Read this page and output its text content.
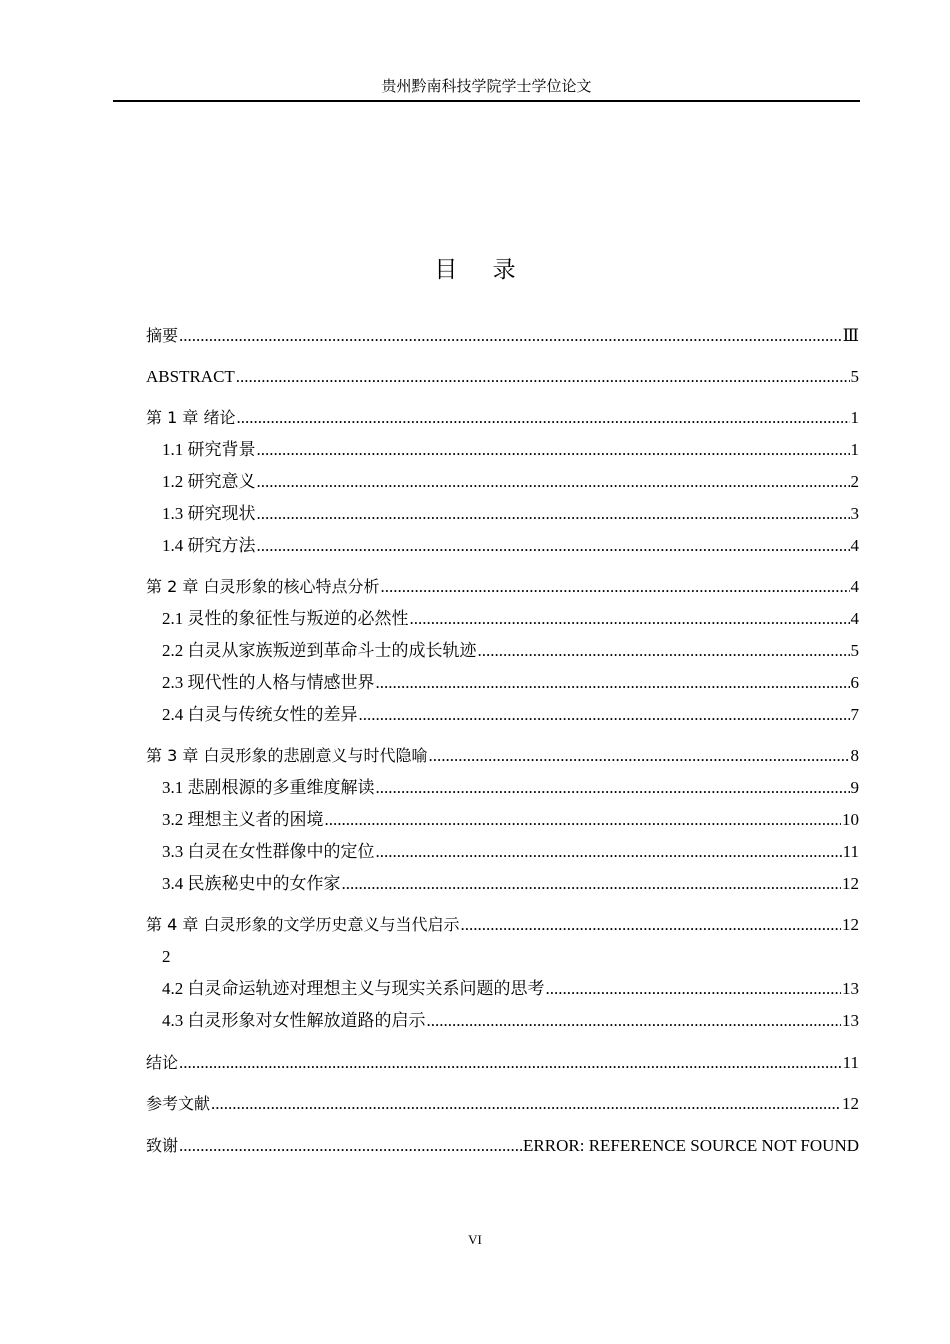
贵州黔南科技学院学士学位论文
目 录
摘要 .....	Ⅲ
ABSTRACT .....	5
第 1 章 绪论 .....	1
1.1 研究背景 .....	1
1.2 研究意义 .....	2
1.3 研究现状 .....	3
1.4 研究方法 .....	4
第 2 章 白灵形象的核心特点分析 .....	4
2.1 灵性的象征性与叛逆的必然性 .....	4
2.2 白灵从家族叛逆到革命斗士的成长轨迹 .....	5
2.3 现代性的人格与情感世界 .....	6
2.4 白灵与传统女性的差异 .....	7
第 3 章 白灵形象的悲剧意义与时代隐喻 .....	8
3.1 悲剧根源的多重维度解读 .....	9
3.2 理想主义者的困境 .....	10
3.3 白灵在女性群像中的定位 .....	11
3.4 民族秘史中的女作家 .....	12
第 4 章 白灵形象的文学历史意义与当代启示 .....	12
2
4.2 白灵命运轨迹对理想主义与现实关系问题的思考 .....	13
4.3 白灵形象对女性解放道路的启示 .....	13
结论 .....	11
参考文献 .....	12
致谢 .....	ERROR: REFERENCE SOURCE NOT FOUND
VI
